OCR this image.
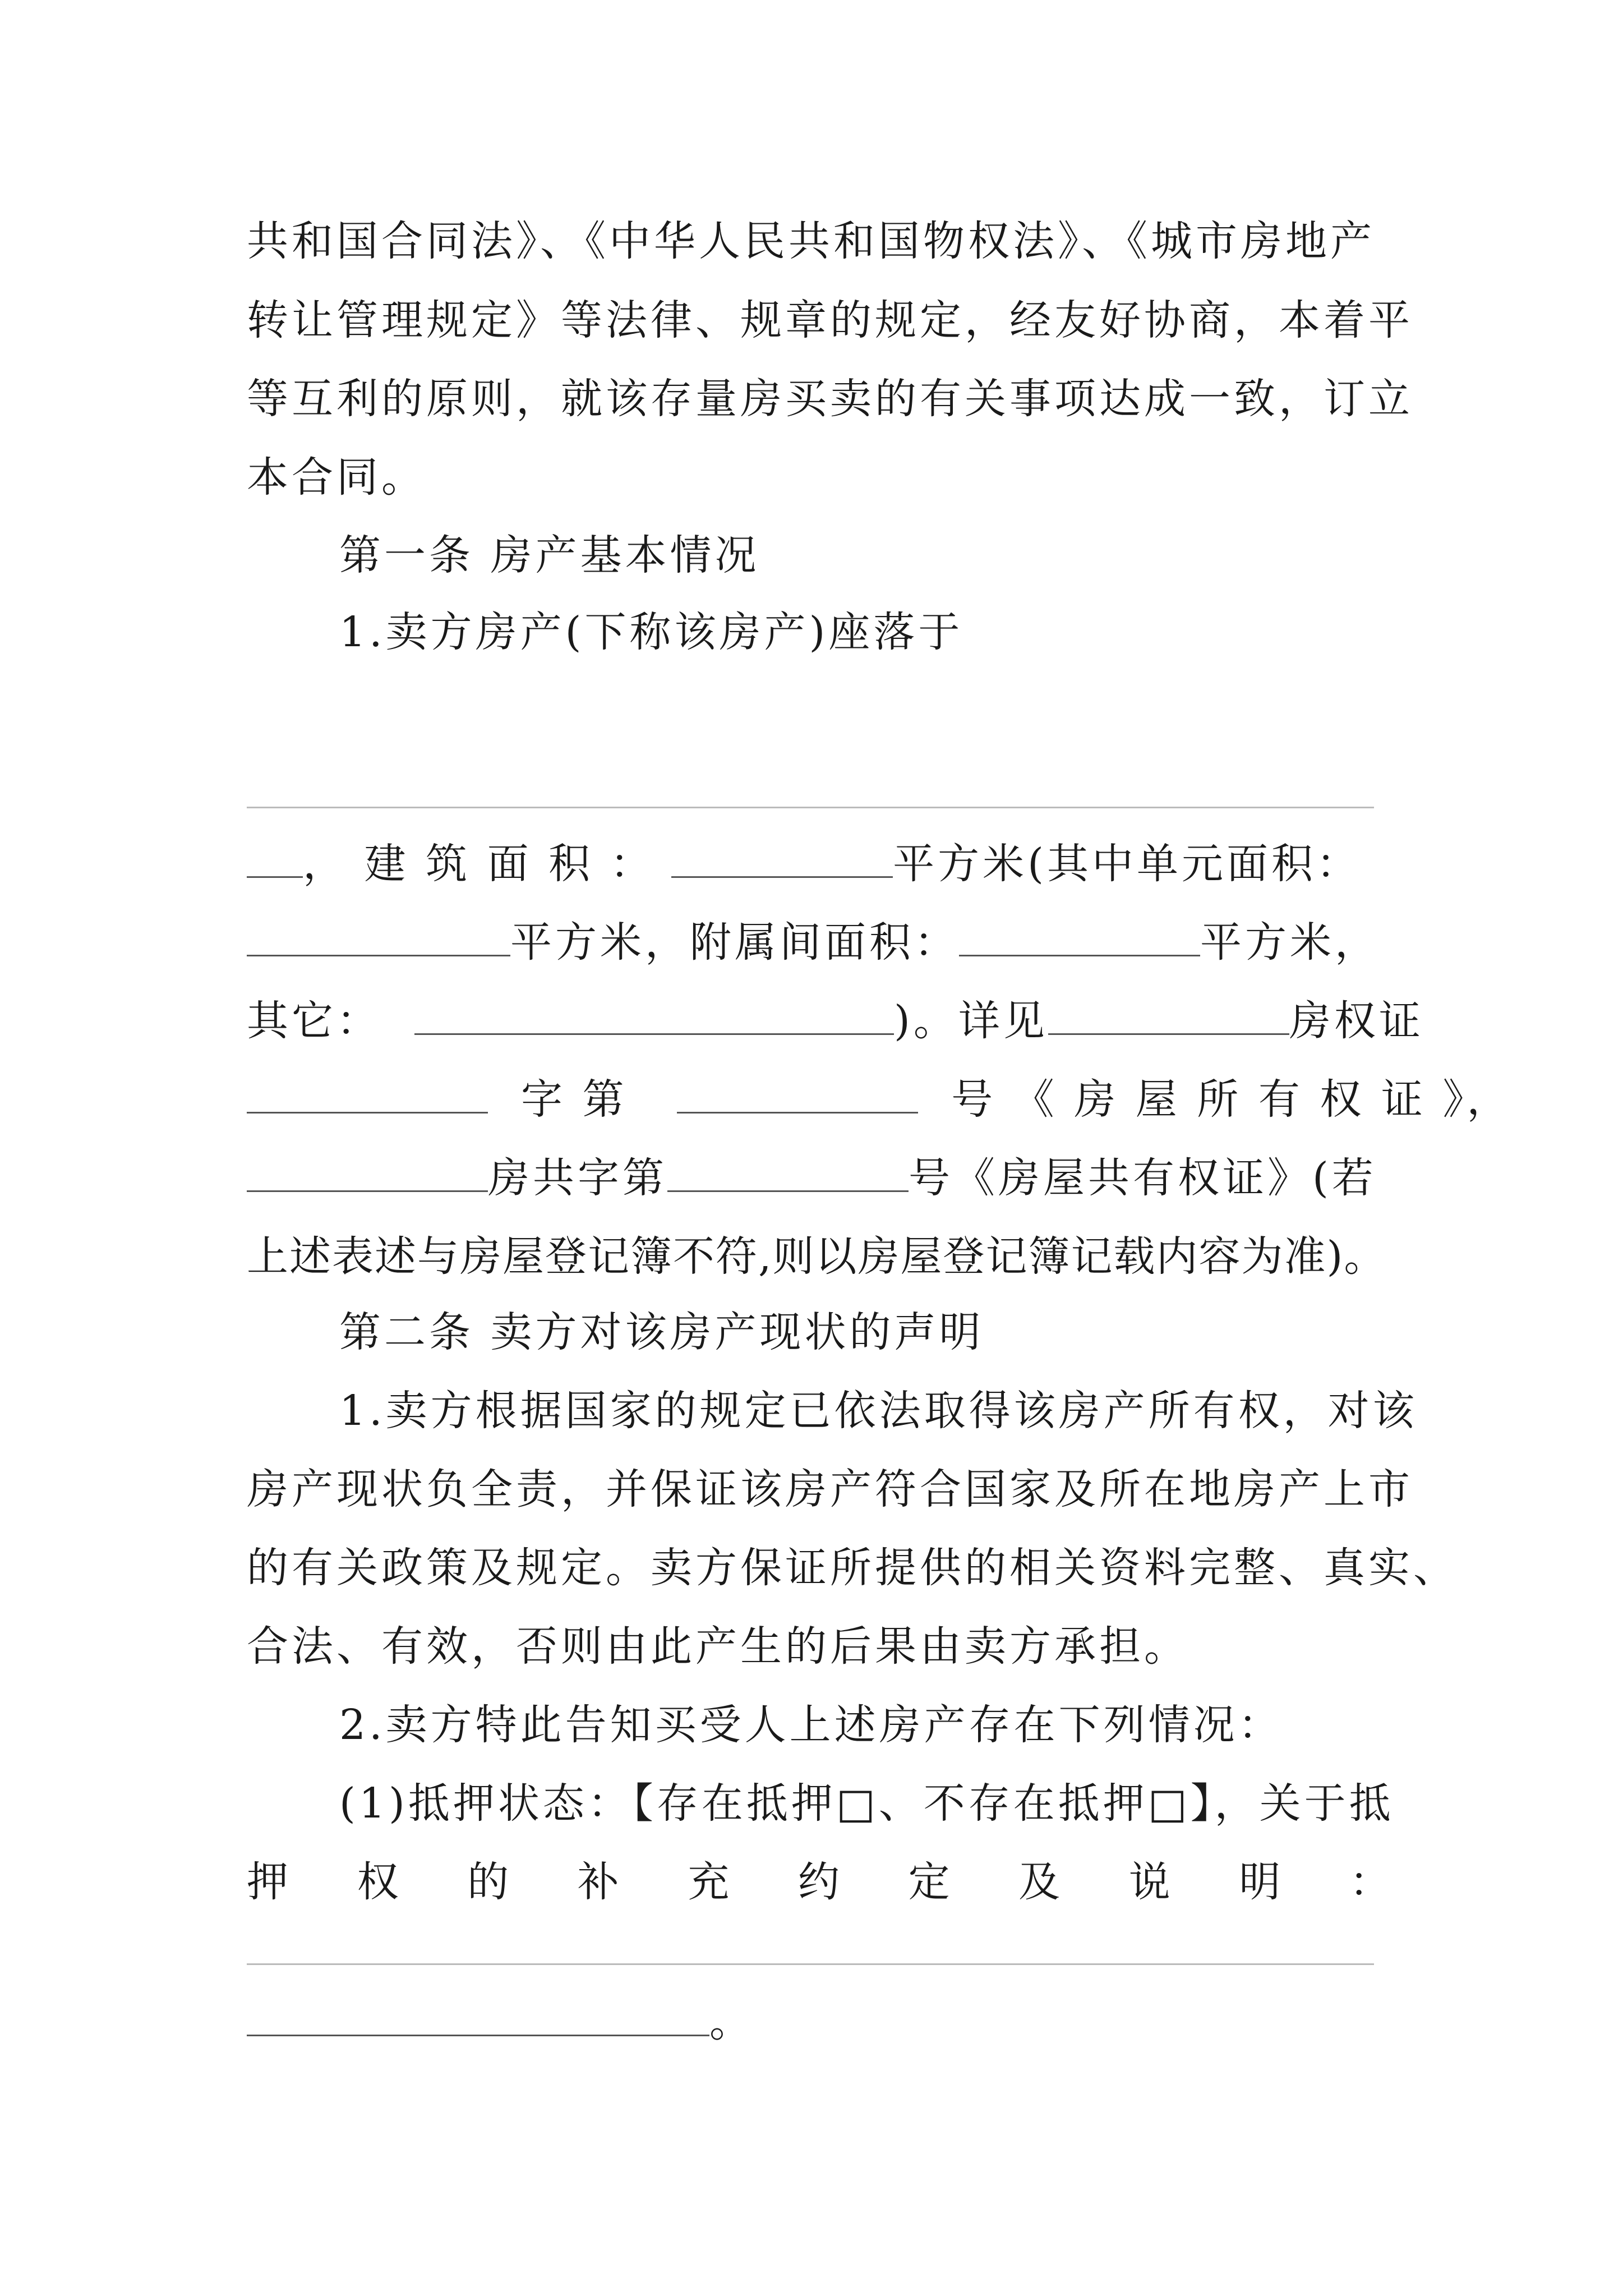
共和国合同法》、《中华人民共和国物权法》、《城市房地产
转让管理规定》等法律、规章的规定，经友好协商，本着平
等互利的原则，就该存量房买卖的有关事项达成一致，订立
本合同。
第一条 房产基本情况
1.卖方房产(下称该房产)座落于
， 建 筑 面 积 ：	平方米(其中单元面积：
平方米，附属间面积：	平方米，
其它：	)。详见	房权证
字 第	号 《 房 屋 所 有 权 证 》，
房共字第	号《房屋共有权证》(若
上述表述与房屋登记簿不符,则以房屋登记簿记载内容为准)。
第二条 卖方对该房产现状的声明
1.卖方根据国家的规定已依法取得该房产所有权，对该
房产现状负全责，并保证该房产符合国家及所在地房产上市
的有关政策及规定。卖方保证所提供的相关资料完整、真实、
合法、有效，否则由此产生的后果由卖方承担。
2.卖方特此告知买受人上述房产存在下列情况：
(1)抵押状态：【存在抵押□、不存在抵押□】，关于抵
押 权 的 补 充 约 定 及 说 明 ：
。
